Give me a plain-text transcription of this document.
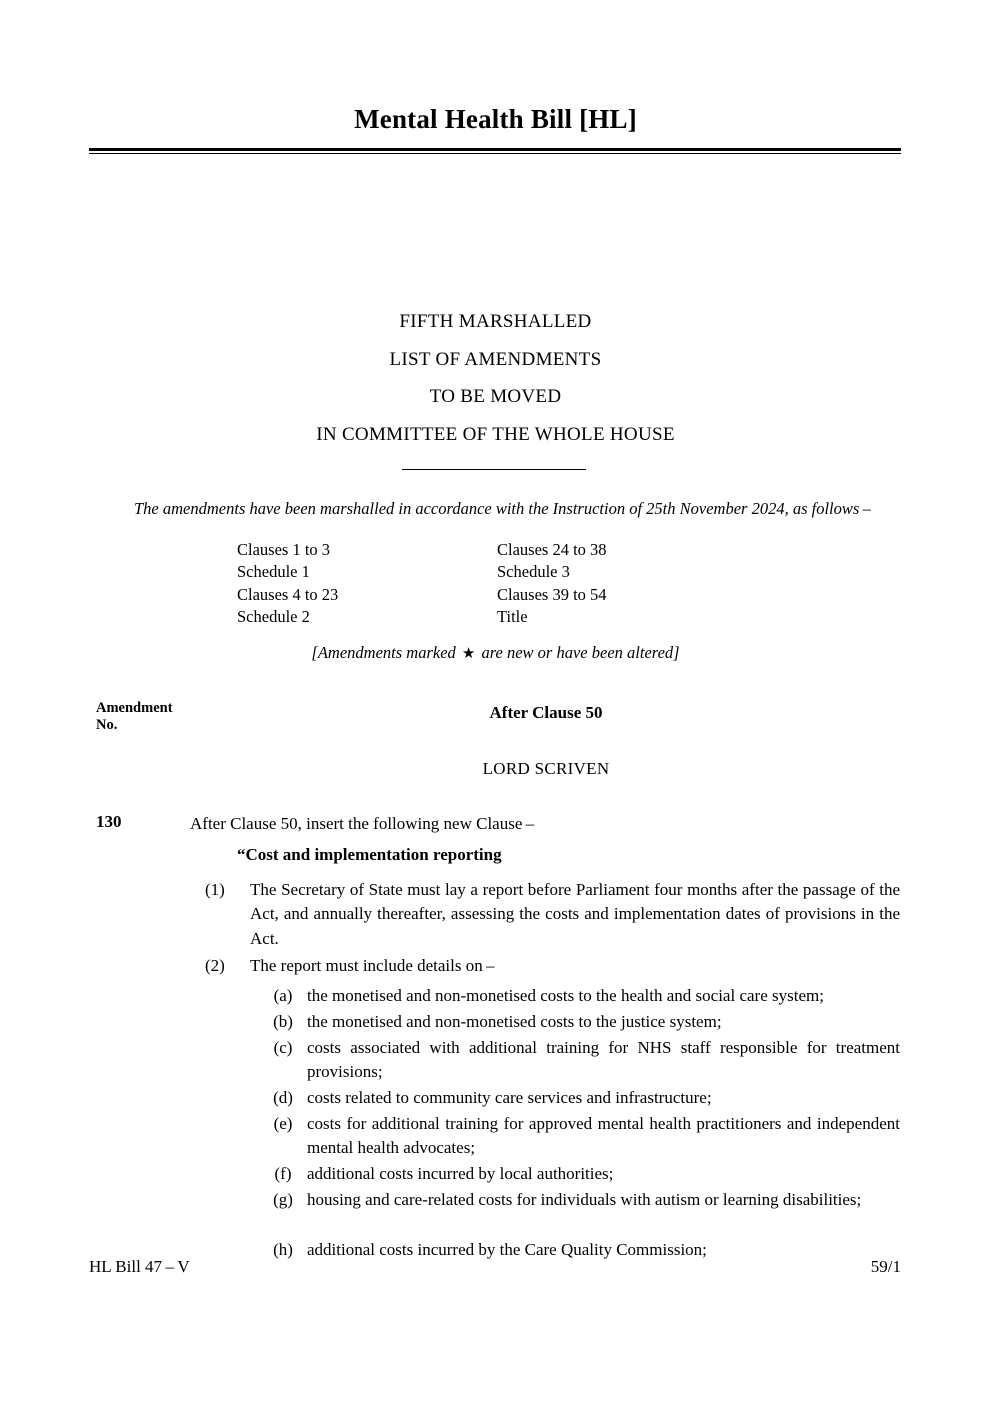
Mental Health Bill [HL]
FIFTH MARSHALLED
LIST OF AMENDMENTS
TO BE MOVED
IN COMMITTEE OF THE WHOLE HOUSE
The amendments have been marshalled in accordance with the Instruction of 25th November 2024, as follows –
Clauses 1 to 3	Clauses 24 to 38
Schedule 1	Schedule 3
Clauses 4 to 23	Clauses 39 to 54
Schedule 2	Title
[Amendments marked ★ are new or have been altered]
Amendment
No.
After Clause 50
LORD SCRIVEN
130	After Clause 50, insert the following new Clause –
“Cost and implementation reporting
(1)	The Secretary of State must lay a report before Parliament four months after the passage of the Act, and annually thereafter, assessing the costs and implementation dates of provisions in the Act.
(2)	The report must include details on –
(a) the monetised and non-monetised costs to the health and social care system;
(b) the monetised and non-monetised costs to the justice system;
(c) costs associated with additional training for NHS staff responsible for treatment provisions;
(d) costs related to community care services and infrastructure;
(e) costs for additional training for approved mental health practitioners and independent mental health advocates;
(f) additional costs incurred by local authorities;
(g) housing and care-related costs for individuals with autism or learning disabilities;
(h) additional costs incurred by the Care Quality Commission;
HL Bill 47 – V	59/1
